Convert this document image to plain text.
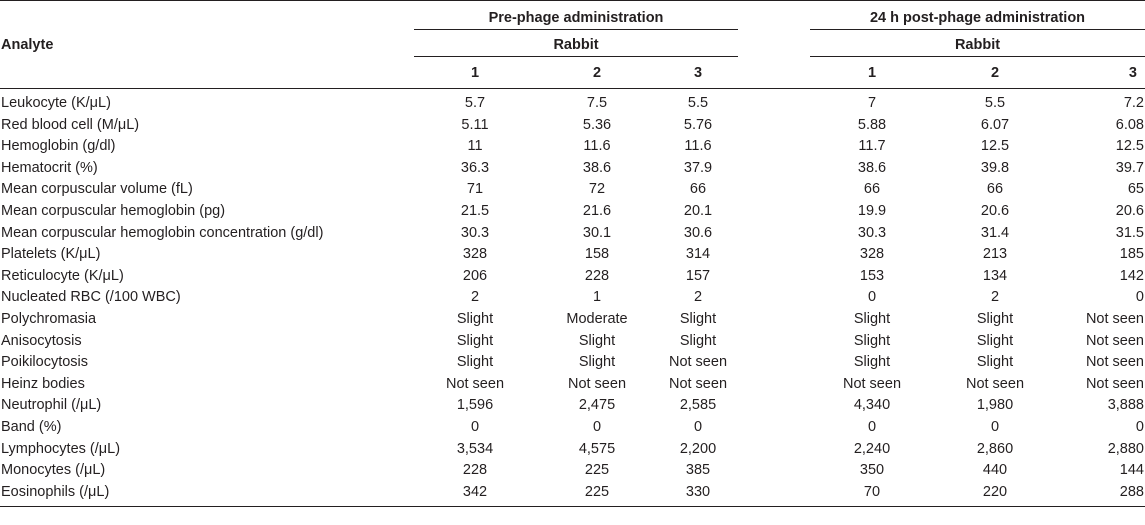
Analyte		Pre-phage administration				24 h post-phage administration		
		Rabbit				Rabbit		
		1	2	3		1	2	3
Leukocyte (K/μL)		5.7	7.5	5.5		7	5.5	7.2
Red blood cell (M/μL)		5.11	5.36	5.76		5.88	6.07	6.08
Hemoglobin (g/dl)		11	11.6	11.6		11.7	12.5	12.5
Hematocrit (%)		36.3	38.6	37.9		38.6	39.8	39.7
Mean corpuscular volume (fL)		71	72	66		66	66	65
Mean corpuscular hemoglobin (pg)		21.5	21.6	20.1		19.9	20.6	20.6
Mean corpuscular hemoglobin concentration (g/dl)		30.3	30.1	30.6		30.3	31.4	31.5
Platelets (K/μL)		328	158	314		328	213	185
Reticulocyte (K/μL)		206	228	157		153	134	142
Nucleated RBC (/100 WBC)		2	1	2		0	2	0
Polychromasia		Slight	Moderate	Slight		Slight	Slight	Not seen
Anisocytosis		Slight	Slight	Slight		Slight	Slight	Not seen
Poikilocytosis		Slight	Slight	Not seen		Slight	Slight	Not seen
Heinz bodies		Not seen	Not seen	Not seen		Not seen	Not seen	Not seen
Neutrophil (/μL)		1,596	2,475	2,585		4,340	1,980	3,888
Band (%)		0	0	0		0	0	0
Lymphocytes (/μL)		3,534	4,575	2,200		2,240	2,860	2,880
Monocytes (/μL)		228	225	385		350	440	144
Eosinophils (/μL)		342	225	330		70	220	288
